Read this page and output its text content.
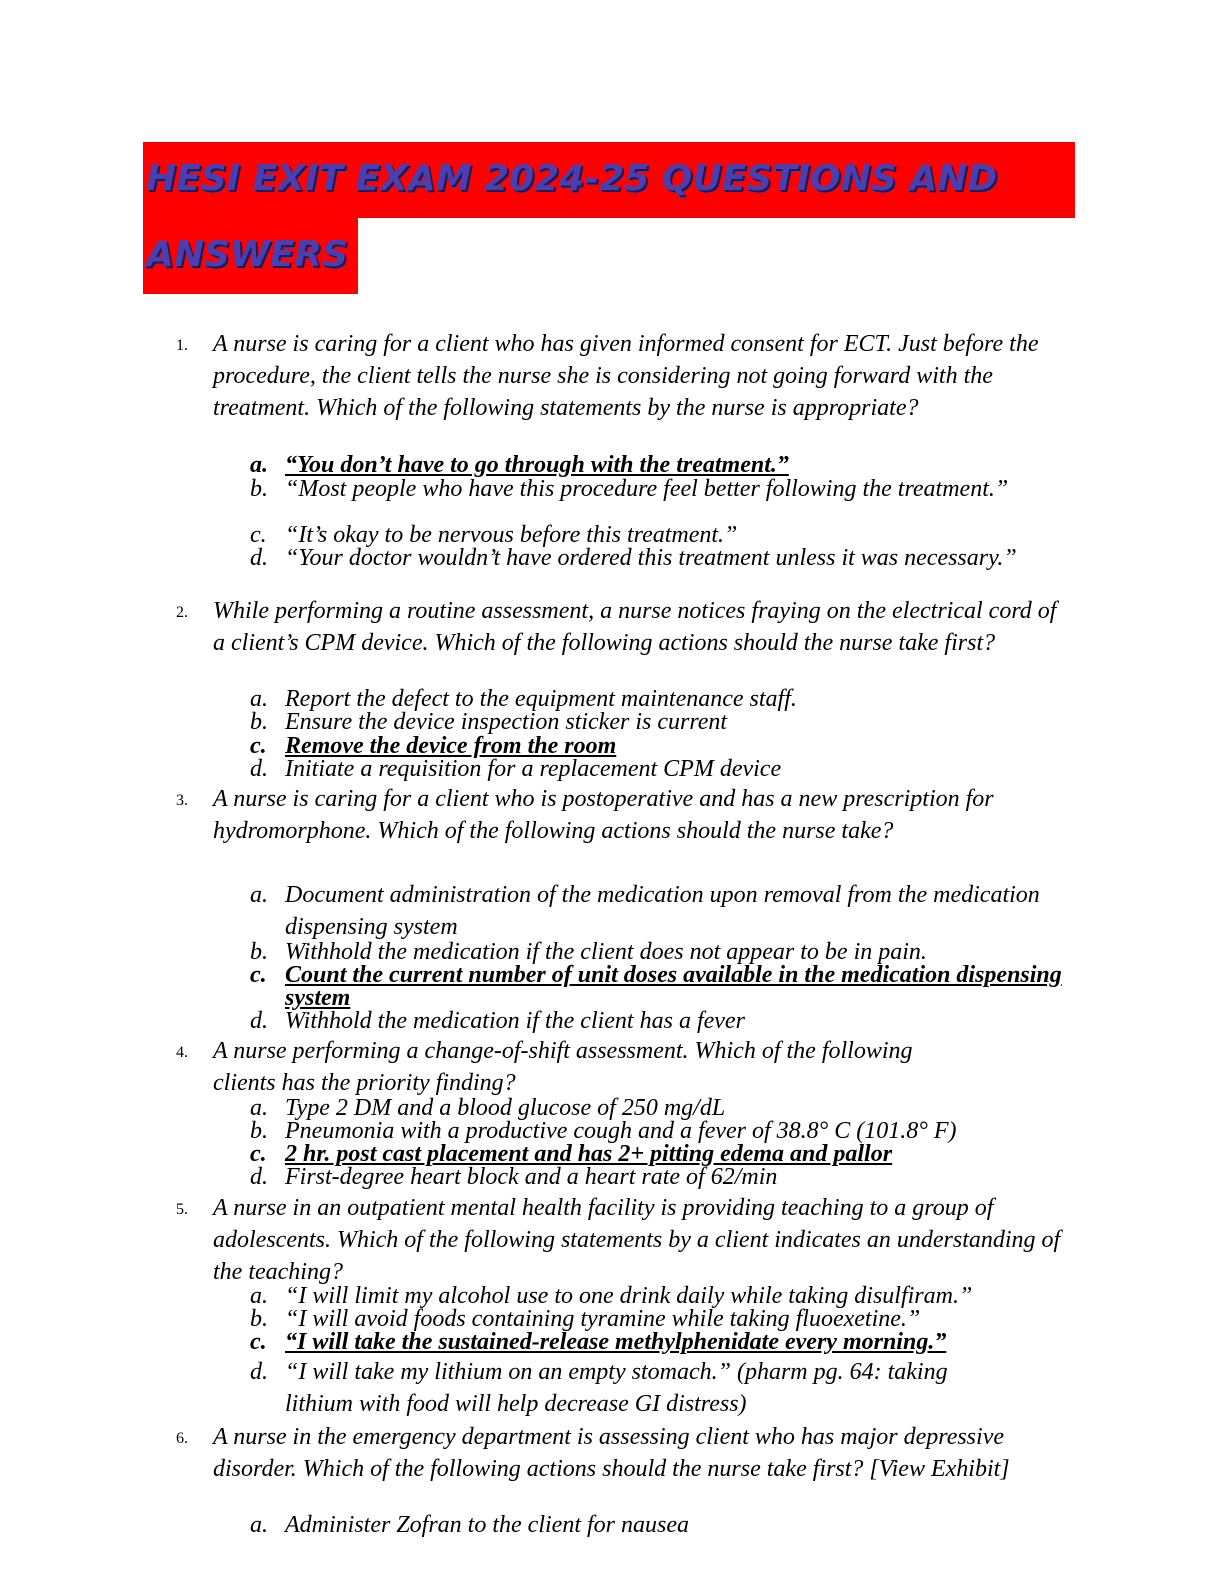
HESI EXIT EXAM 2024-25 QUESTIONS AND
ANSWERS
1. A nurse is caring for a client who has given informed consent for ECT. Just before the procedure, the client tells the nurse she is considering not going forward with the treatment. Which of the following statements by the nurse is appropriate?
a. “You don’t have to go through with the treatment.”
b. “Most people who have this procedure feel better following the treatment.”
c. “It’s okay to be nervous before this treatment.”
d. “Your doctor wouldn’t have ordered this treatment unless it was necessary.”
2. While performing a routine assessment, a nurse notices fraying on the electrical cord of a client’s CPM device. Which of the following actions should the nurse take first?
a. Report the defect to the equipment maintenance staff.
b. Ensure the device inspection sticker is current
c. Remove the device from the room
d. Initiate a requisition for a replacement CPM device
3. A nurse is caring for a client who is postoperative and has a new prescription for hydromorphone. Which of the following actions should the nurse take?
a. Document administration of the medication upon removal from the medication dispensing system
b. Withhold the medication if the client does not appear to be in pain.
c. Count the current number of unit doses available in the medication dispensing system
d. Withhold the medication if the client has a fever
4. A nurse performing a change-of-shift assessment. Which of the following clients has the priority finding?
a. Type 2 DM and a blood glucose of 250 mg/dL
b. Pneumonia with a productive cough and a fever of 38.8° C (101.8° F)
c. 2 hr. post cast placement and has 2+ pitting edema and pallor
d. First-degree heart block and a heart rate of 62/min
5. A nurse in an outpatient mental health facility is providing teaching to a group of adolescents. Which of the following statements by a client indicates an understanding of the teaching?
a. “I will limit my alcohol use to one drink daily while taking disulfiram.”
b. “I will avoid foods containing tyramine while taking fluoexetine.”
c. “I will take the sustained-release methylphenidate every morning.”
d. “I will take my lithium on an empty stomach.” (pharm pg. 64: taking lithium with food will help decrease GI distress)
6. A nurse in the emergency department is assessing client who has major depressive disorder. Which of the following actions should the nurse take first? [View Exhibit]
a. Administer Zofran to the client for nausea
